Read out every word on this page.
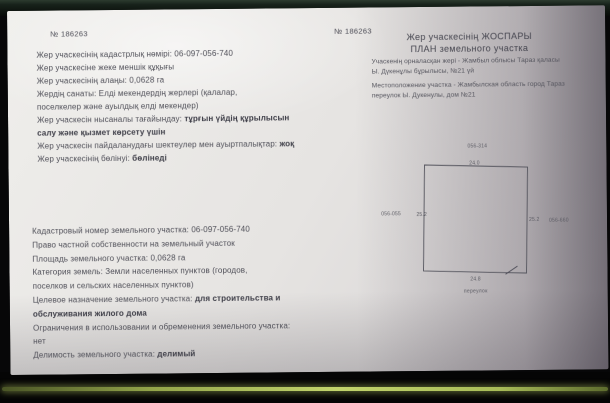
№ 186263	№ 186263
Жер учаскесінің кадастрлық нөмірі: 06-097-056-740
Жер учаскесіне жеке меншік құқығы
Жер учаскесінің алаңы: 0,0628 га
Жердің санаты: Елді мекендердің жерлері (қалалар,
поселкелер және ауылдық елді мекендер)
Жер учаскесін нысаналы тағайындау: тұрғын үйдің құрылысын
салу және қызмет көрсету үшін
Жер учаскесін пайдаланудағы шектеулер мен ауыртпалықтар: жоқ
Жер учаскесінің бөлінуі: бөлінеді
Кадастровый номер земельного участка: 06-097-056-740
Право частной собственности на земельный участок
Площадь земельного участка: 0,0628 га
Категория земель: Земли населенных пунктов (городов,
поселков и сельских населенных пунктов)
Целевое назначение земельного участка: для строительства и
обслуживания жилого дома
Ограничения в использовании и обременения земельного участка:
нет
Делимость земельного участка: делимый
Жер учаскесінің ЖОСПАРЫ
ПЛАН земельного участка
Учаскенің орналасқан жері - Жамбыл облысы Тараз қаласы
Ы. Дүкенұлы бұрылысы, №21 үй
Местоположение участка - Жамбылская область город Тараз
переулок Ы. Дукенулы, дом №21
056-314
24.0
056-055	25.2
25.2 056-660
24.8
переулок
